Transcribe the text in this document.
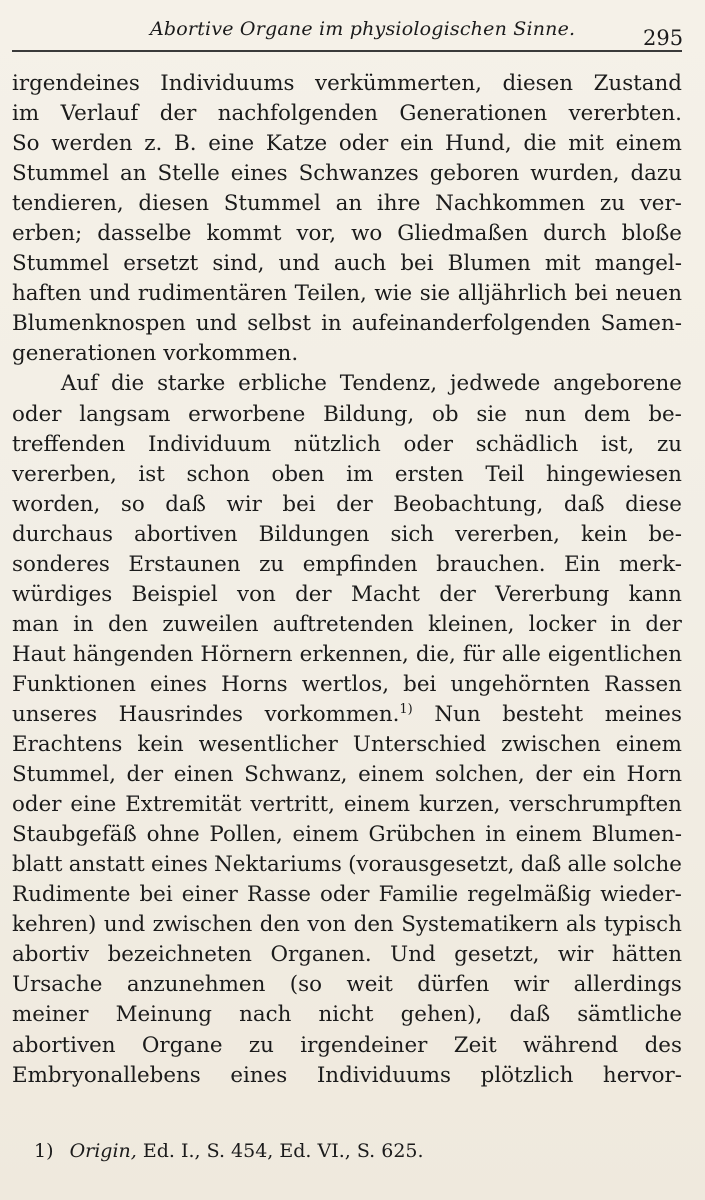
Abortive Organe im physiologischen Sinne.	295
irgendeines Individuums verkümmerten, diesen Zustand
im Verlauf der nachfolgenden Generationen vererbten.
So werden z. B. eine Katze oder ein Hund, die mit einem
Stummel an Stelle eines Schwanzes geboren wurden, dazu
tendieren, diesen Stummel an ihre Nachkommen zu ver-
erben; dasselbe kommt vor, wo Gliedmaßen durch bloße
Stummel ersetzt sind, und auch bei Blumen mit mangel-
haften und rudimentären Teilen, wie sie alljährlich bei neuen
Blumenknospen und selbst in aufeinanderfolgenden Samen-
generationen vorkommen.
Auf die starke erbliche Tendenz, jedwede angeborene
oder langsam erworbene Bildung, ob sie nun dem be-
treffenden Individuum nützlich oder schädlich ist, zu
vererben, ist schon oben im ersten Teil hingewiesen
worden, so daß wir bei der Beobachtung, daß diese
durchaus abortiven Bildungen sich vererben, kein be-
sonderes Erstaunen zu empfinden brauchen. Ein merk-
würdiges Beispiel von der Macht der Vererbung kann
man in den zuweilen auftretenden kleinen, locker in der
Haut hängenden Hörnern erkennen, die, für alle eigentlichen
Funktionen eines Horns wertlos, bei ungehörnten Rassen
unseres Hausrindes vorkommen.$^{1)}$ Nun besteht meines
Erachtens kein wesentlicher Unterschied zwischen einem
Stummel, der einen Schwanz, einem solchen, der ein Horn
oder eine Extremität vertritt, einem kurzen, verschrumpften
Staubgefäß ohne Pollen, einem Grübchen in einem Blumen-
blatt anstatt eines Nektariums (vorausgesetzt, daß alle solche
Rudimente bei einer Rasse oder Familie regelmäßig wieder-
kehren) und zwischen den von den Systematikern als typisch
abortiv bezeichneten Organen. Und gesetzt, wir hätten
Ursache anzunehmen (so weit dürfen wir allerdings
meiner Meinung nach nicht gehen), daß sämtliche
abortiven Organe zu irgendeiner Zeit während des
Embryonallebens eines Individuums plötzlich hervor-
1) Origin, Ed. I., S. 454, Ed. VI., S. 625.
